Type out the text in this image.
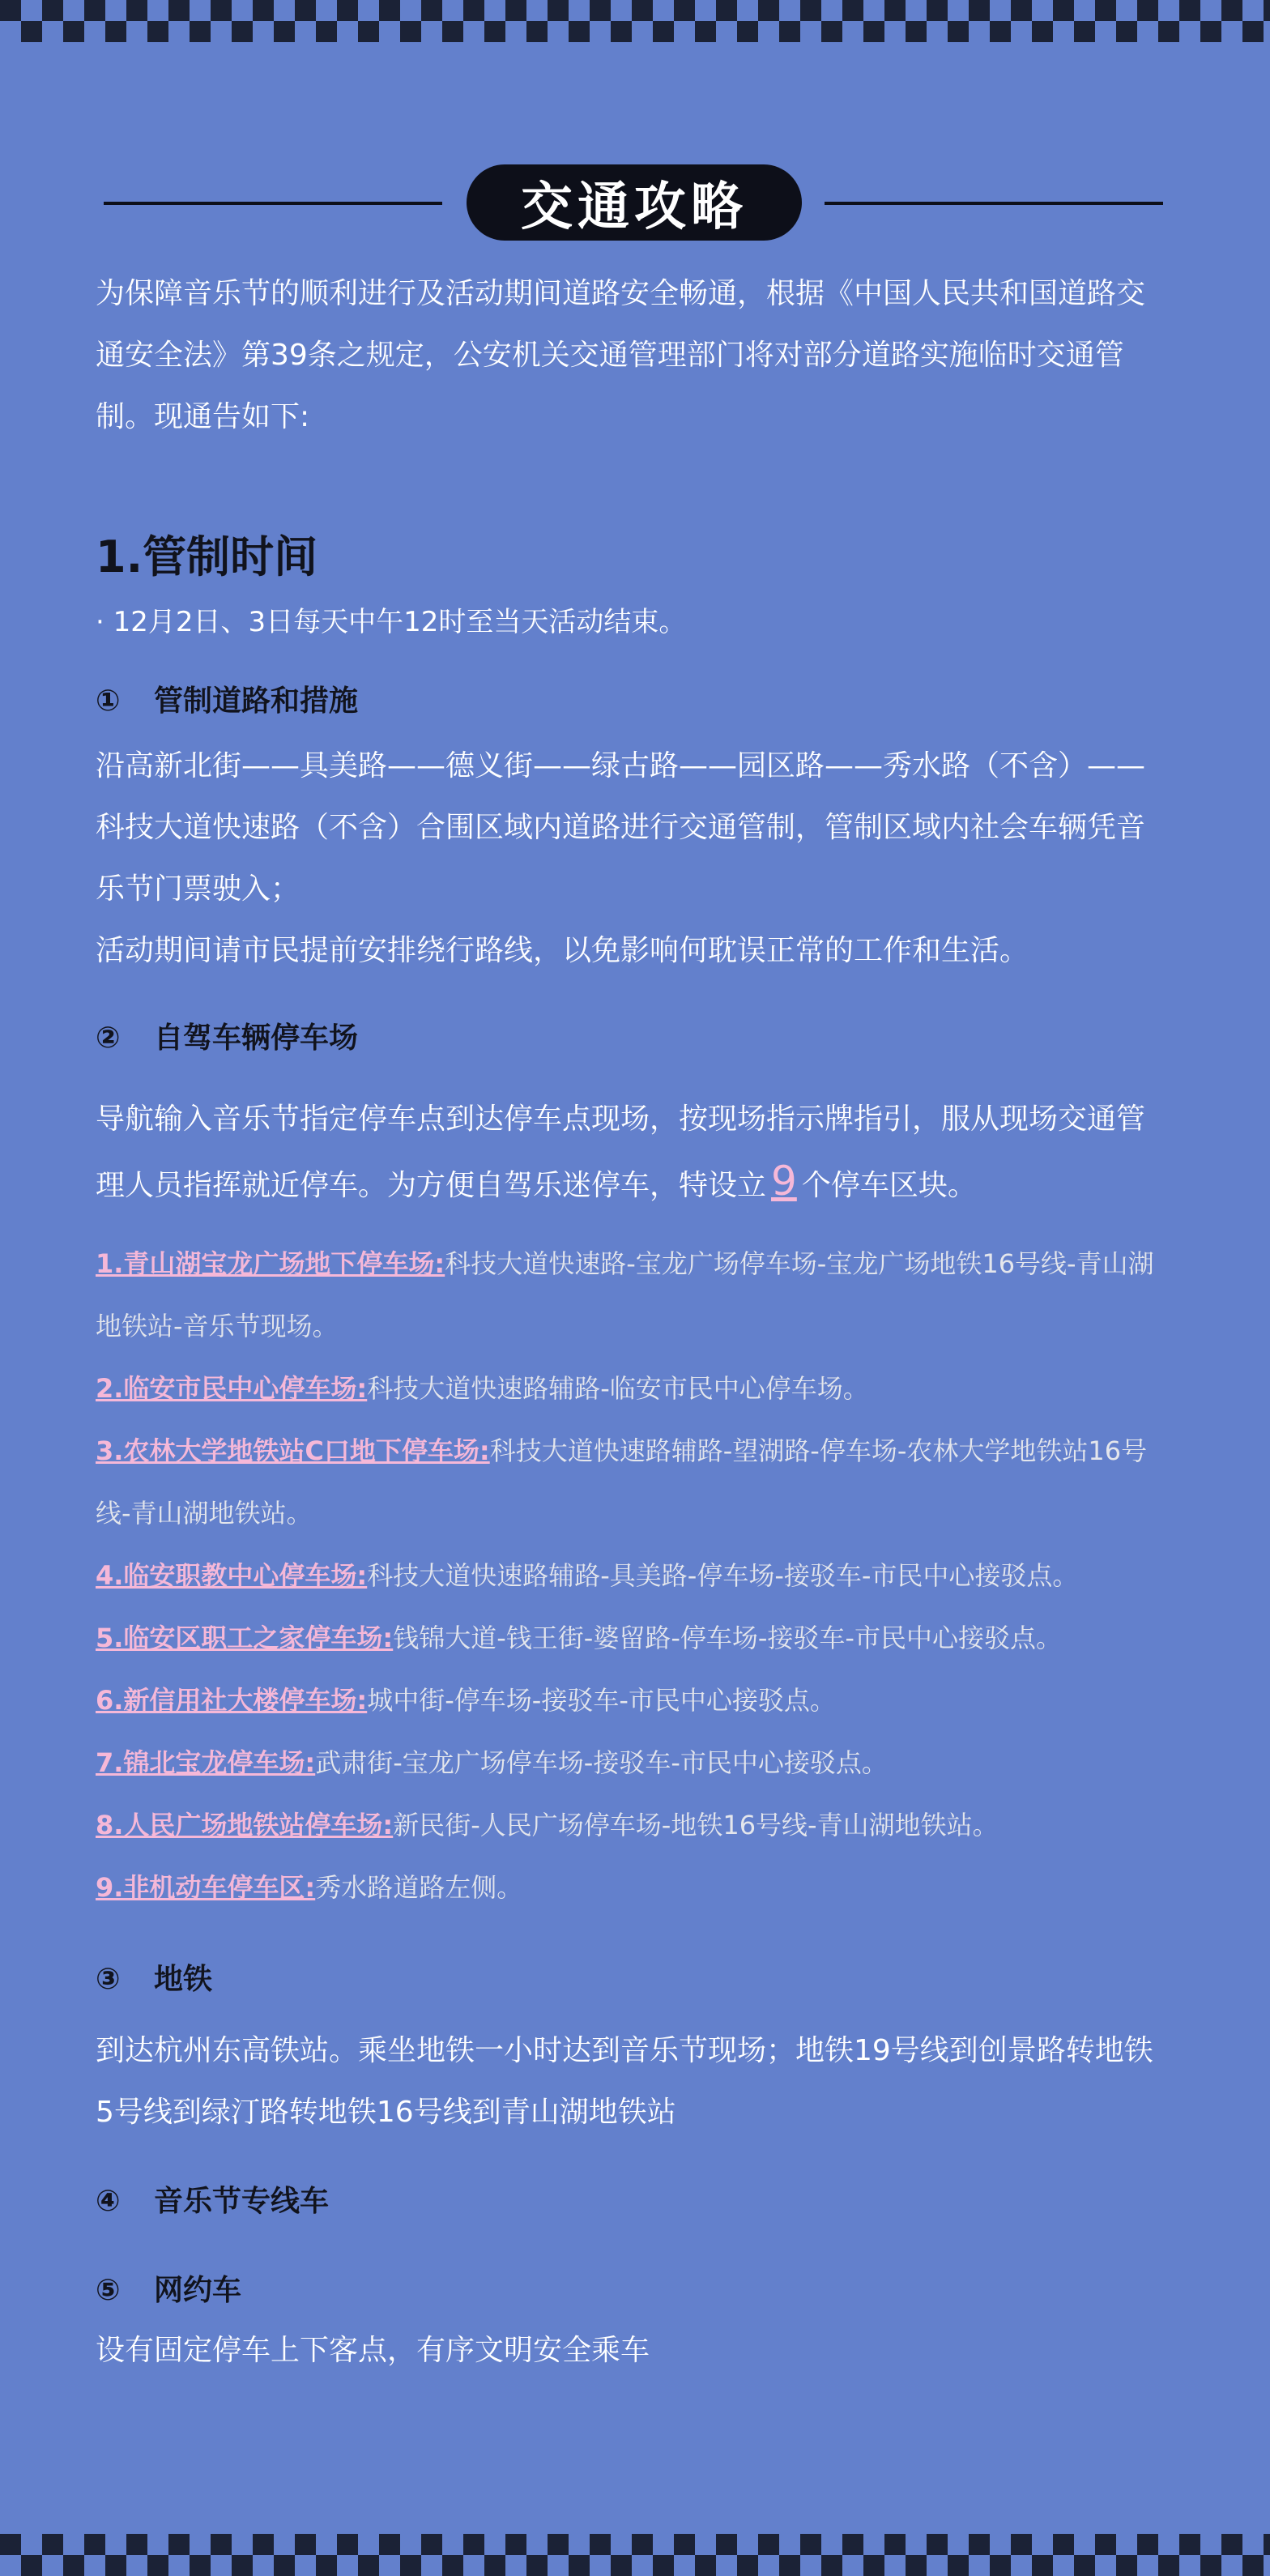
交通攻略
为保障音乐节的顺利进行及活动期间道路安全畅通，根据《中国人民共和国道路交通安全法》第39条之规定，公安机关交通管理部门将对部分道路实施临时交通管制。现通告如下:
1.管制时间
· 12月2日、3日每天中午12时至当天活动结束。
① 管制道路和措施
沿高新北街——具美路——德义街——绿古路——园区路——秀水路（不含）——科技大道快速路（不含）合围区域内道路进行交通管制，管制区域内社会车辆凭音乐节门票驶入；
活动期间请市民提前安排绕行路线，以免影响何耽误正常的工作和生活。
② 自驾车辆停车场
导航输入音乐节指定停车点到达停车点现场，按现场指示牌指引，服从现场交通管理人员指挥就近停车。为方便自驾乐迷停车，特设立 9 个停车区块。
1.青山湖宝龙广场地下停车场:科技大道快速路-宝龙广场停车场-宝龙广场地铁16号线-青山湖地铁站-音乐节现场。
2.临安市民中心停车场:科技大道快速路辅路-临安市民中心停车场。
3.农林大学地铁站C口地下停车场:科技大道快速路辅路-望湖路-停车场-农林大学地铁站16号线-青山湖地铁站。
4.临安职教中心停车场:科技大道快速路辅路-具美路-停车场-接驳车-市民中心接驳点。
5.临安区职工之家停车场:钱锦大道-钱王街-婆留路-停车场-接驳车-市民中心接驳点。
6.新信用社大楼停车场:城中街-停车场-接驳车-市民中心接驳点。
7.锦北宝龙停车场:武肃街-宝龙广场停车场-接驳车-市民中心接驳点。
8.人民广场地铁站停车场:新民街-人民广场停车场-地铁16号线-青山湖地铁站。
9.非机动车停车区:秀水路道路左侧。
③ 地铁
到达杭州东高铁站。乘坐地铁一小时达到音乐节现场；地铁19号线到创景路转地铁5号线到绿汀路转地铁16号线到青山湖地铁站
④ 音乐节专线车
⑤ 网约车
设有固定停车上下客点，有序文明安全乘车
